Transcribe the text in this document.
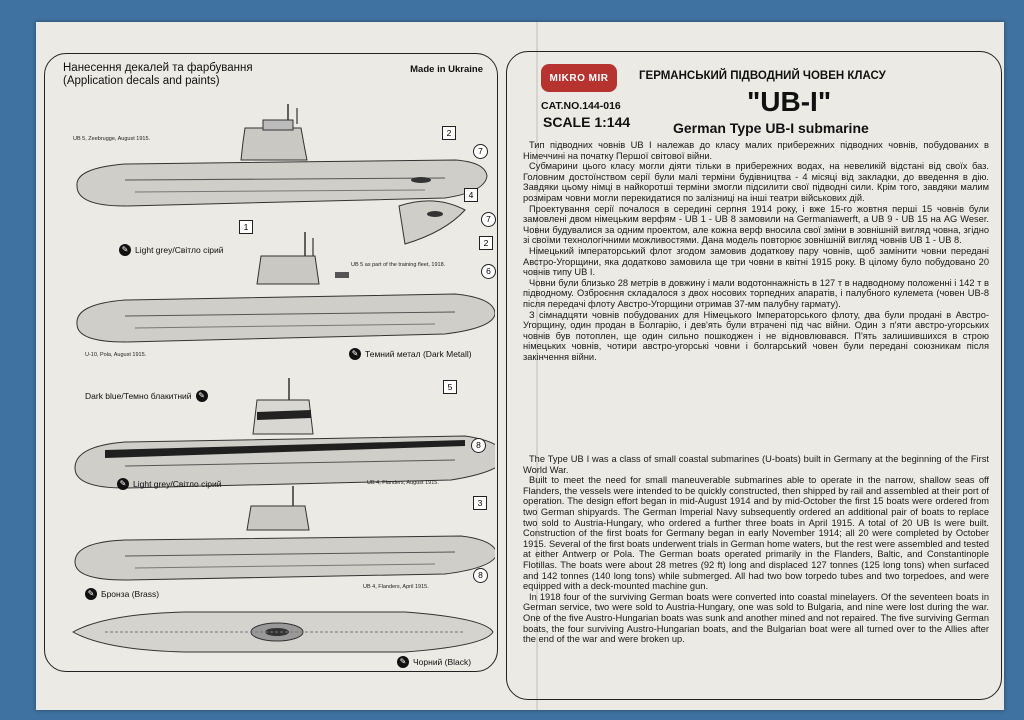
Нанесення декалей та фарбування
(Application decals and paints)
Made in Ukraine
UB 5, Zeebrugge, August 1915.
2
7
4
7
2
✎ Light grey/Світло сірий
1
UB 5 as part of the training fleet, 1918.
6
U-10, Pola, August 1915.	✎ Темний метал (Dark Metall)
Dark blue/Темно блакитний ✎
5
8
✎ Light grey/Світло сірий	UB 4, Flanders, August 1915.
3
8
UB 4, Flanders, April 1915.
✎ Бронза (Brass)
✎ Чорний (Black)
MIKRO MIR
CAT.NO.144-016
SCALE 1:144
ГЕРМАНСЬКИЙ ПІДВОДНИЙ ЧОВЕН КЛАСУ
"UB-I"
German Type UB-I submarine

Тип підводних човнів UB I належав до класу малих прибережних підводних човнів, побудованих в Німеччині на початку Першої світової війни.

Субмарини цього класу могли діяти тільки в прибережних водах, на невеликій відстані від своїх баз. Головним достоїнством серії були малі терміни будівництва - 4 місяці від закладки, до введення в дію. Завдяки цьому німці в найкоротші терміни змогли підсилити свої підводні сили. Крім того, завдяки малим розмірам човни могли перекидатися по залізниці на інші театри військових дій.

Проектування серії почалося в середині серпня 1914 року, і вже 15-го жовтня перші 15 човнів були замовлені двом німецьким верфям - UB 1 - UB 8 замовили на Germaniawerft, а UB 9 - UB 15 на AG Weser. Човни будувалися за одним проектом, але кожна верф вносила свої зміни в зовнішній вигляд човна, згідно зі своїми технологічними можливостями. Дана модель повторює зовнішній вигляд човнів UB 1 - UB 8.

Німецький імператорський флот згодом замовив додаткову пару човнів, щоб замінити човни передані Австро-Угорщини, яка додатково замовила ще три човни в квітні 1915 року. В цілому було побудовано 20 човнів типу UB I.

Човни були близько 28 метрів в довжину і мали водотоннажність в 127 т в надводному положенні і 142 т в підводному. Озброєння складалося з двох носових торпедних апаратів, і палубного кулемета (човен UB-8 після передачі флоту Австро-Угорщини отримав 37-мм палубну гармату).

З сімнадцяти човнів побудованих для Німецького Імператорського флоту, два були продані в Австро-Угорщину, один продан в Болгарію, і дев'ять були втрачені під час війни. Один з п'яти австро-угорських човнів був потоплен, ще один сильно пошкоджен і не відновлювався. П'ять залишившихся в строю німецьких човнів, чотири австро-угорські човни і болгарський човен були передані союзникам після закінчення війни.

The Type UB I was a class of small coastal submarines (U-boats) built in Germany at the beginning of the First World War.

Built to meet the need for small maneuverable submarines able to operate in the narrow, shallow seas off Flanders, the vessels were intended to be quickly constructed, then shipped by rail and assembled at their port of operation. The design effort began in mid-August 1914 and by mid-October the first 15 boats were ordered from two German shipyards. The German Imperial Navy subsequently ordered an additional pair of boats to replace two sold to Austria-Hungary, who ordered a further three boats in April 1915. A total of 20 UB Is were built. Construction of the first boats for Germany began in early November 1914; all 20 were completed by October 1915. Several of the first boats underwent trials in German home waters, but the rest were assembled and tested at either Antwerp or Pola. The German boats operated primarily in the Flanders, Baltic, and Constantinople Flotillas. The boats were about 28 metres (92 ft) long and displaced 127 tonnes (125 long tons) when surfaced and 142 tonnes (140 long tons) while submerged. All had two bow torpedo tubes and two torpedoes, and were equipped with a deck-mounted machine gun.

In 1918 four of the surviving German boats were converted into coastal minelayers. Of the seventeen boats in German service, two were sold to Austria-Hungary, one was sold to Bulgaria, and nine were lost during the war. One of the five Austro-Hungarian boats was sunk and another mined and not repaired. The five surviving German boats, the four surviving Austro-Hungarian boats, and the Bulgarian boat were all turned over to the Allies after the end of the war and were broken up.
